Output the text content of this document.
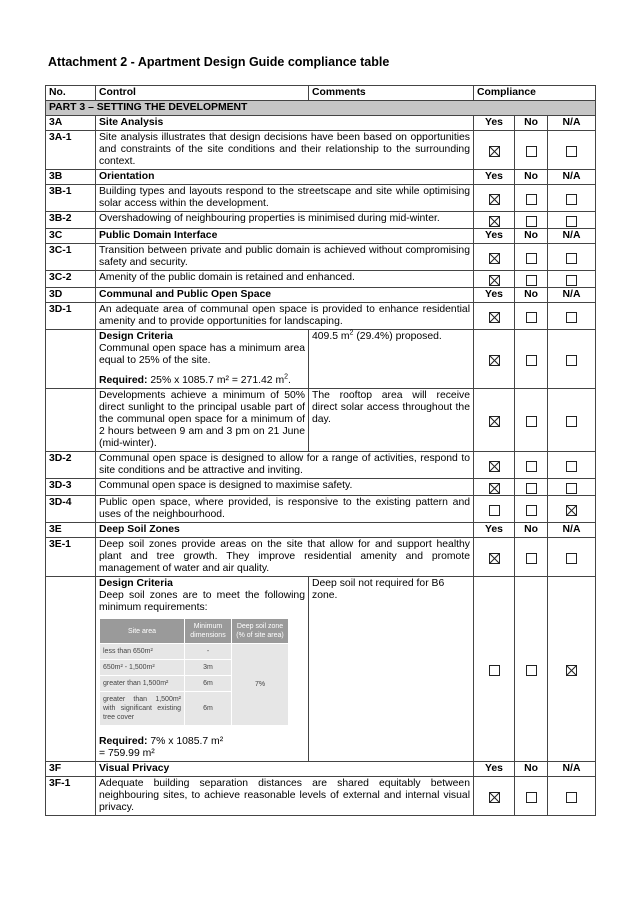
Attachment 2 - Apartment Design Guide compliance table
No.	Control	Comments	Compliance
PART 3 – SETTING THE DEVELOPMENT
3A	Site Analysis	Yes	No	N/A
3A-1	Site analysis illustrates that design decisions have been based on opportunities and constraints of the site conditions and their relationship to the surrounding context.	

3B	Orientation	Yes	No	N/A
3B-1	Building types and layouts respond to the streetscape and site while optimising solar access within the development.	

3B-2	Overshadowing of neighbouring properties is minimised during mid-winter.	

3C	Public Domain Interface	Yes	No	N/A
3C-1	Transition between private and public domain is achieved without compromising safety and security.	

3C-2	Amenity of the public domain is retained and enhanced.	

3D	Communal and Public Open Space	Yes	No	N/A
3D-1	An adequate area of communal open space is provided to enhance residential amenity and to provide opportunities for landscaping.	

Design Criteria
Communal open space has a minimum area equal to 25% of the site.
Required: 25% x 1085.7 m² = 271.42 $m^2$.
	409.5 $m^2$ (29.4%) proposed.	

	Developments achieve a minimum of 50% direct sunlight to the principal usable part of the communal open space for a minimum of 2 hours between 9 am and 3 pm on 21 June (mid-winter).	The rooftop area will receive direct solar access throughout the day.	

3D-2	Communal open space is designed to allow for a range of activities, respond to site conditions and be attractive and inviting.	

3D-3	Communal open space is designed to maximise safety.	

3D-4	Public open space, where provided, is responsive to the existing pattern and uses of the neighbourhood.	

3E	Deep Soil Zones	Yes	No	N/A
3E-1	Deep soil zones provide areas on the site that allow for and support healthy plant and tree growth. They improve residential amenity and promote management of water and air quality.	

Design Criteria
Deep soil zones are to meet the following minimum requirements:
Site area	Minimum dimensions	Deep soil zone (% of site area)
less than 650m²	-	7%
650m² - 1,500m²	3m
greater than 1,500m²	6m
greater than 1,500m² with significant existing tree cover	6m
Required: 7% x 1085.7 m²
= 759.99 m²
	Deep soil not required for B6 zone.	

3F	Visual Privacy	Yes	No	N/A
3F-1	Adequate building separation distances are shared equitably between neighbouring sites, to achieve reasonable levels of external and internal visual privacy.	
